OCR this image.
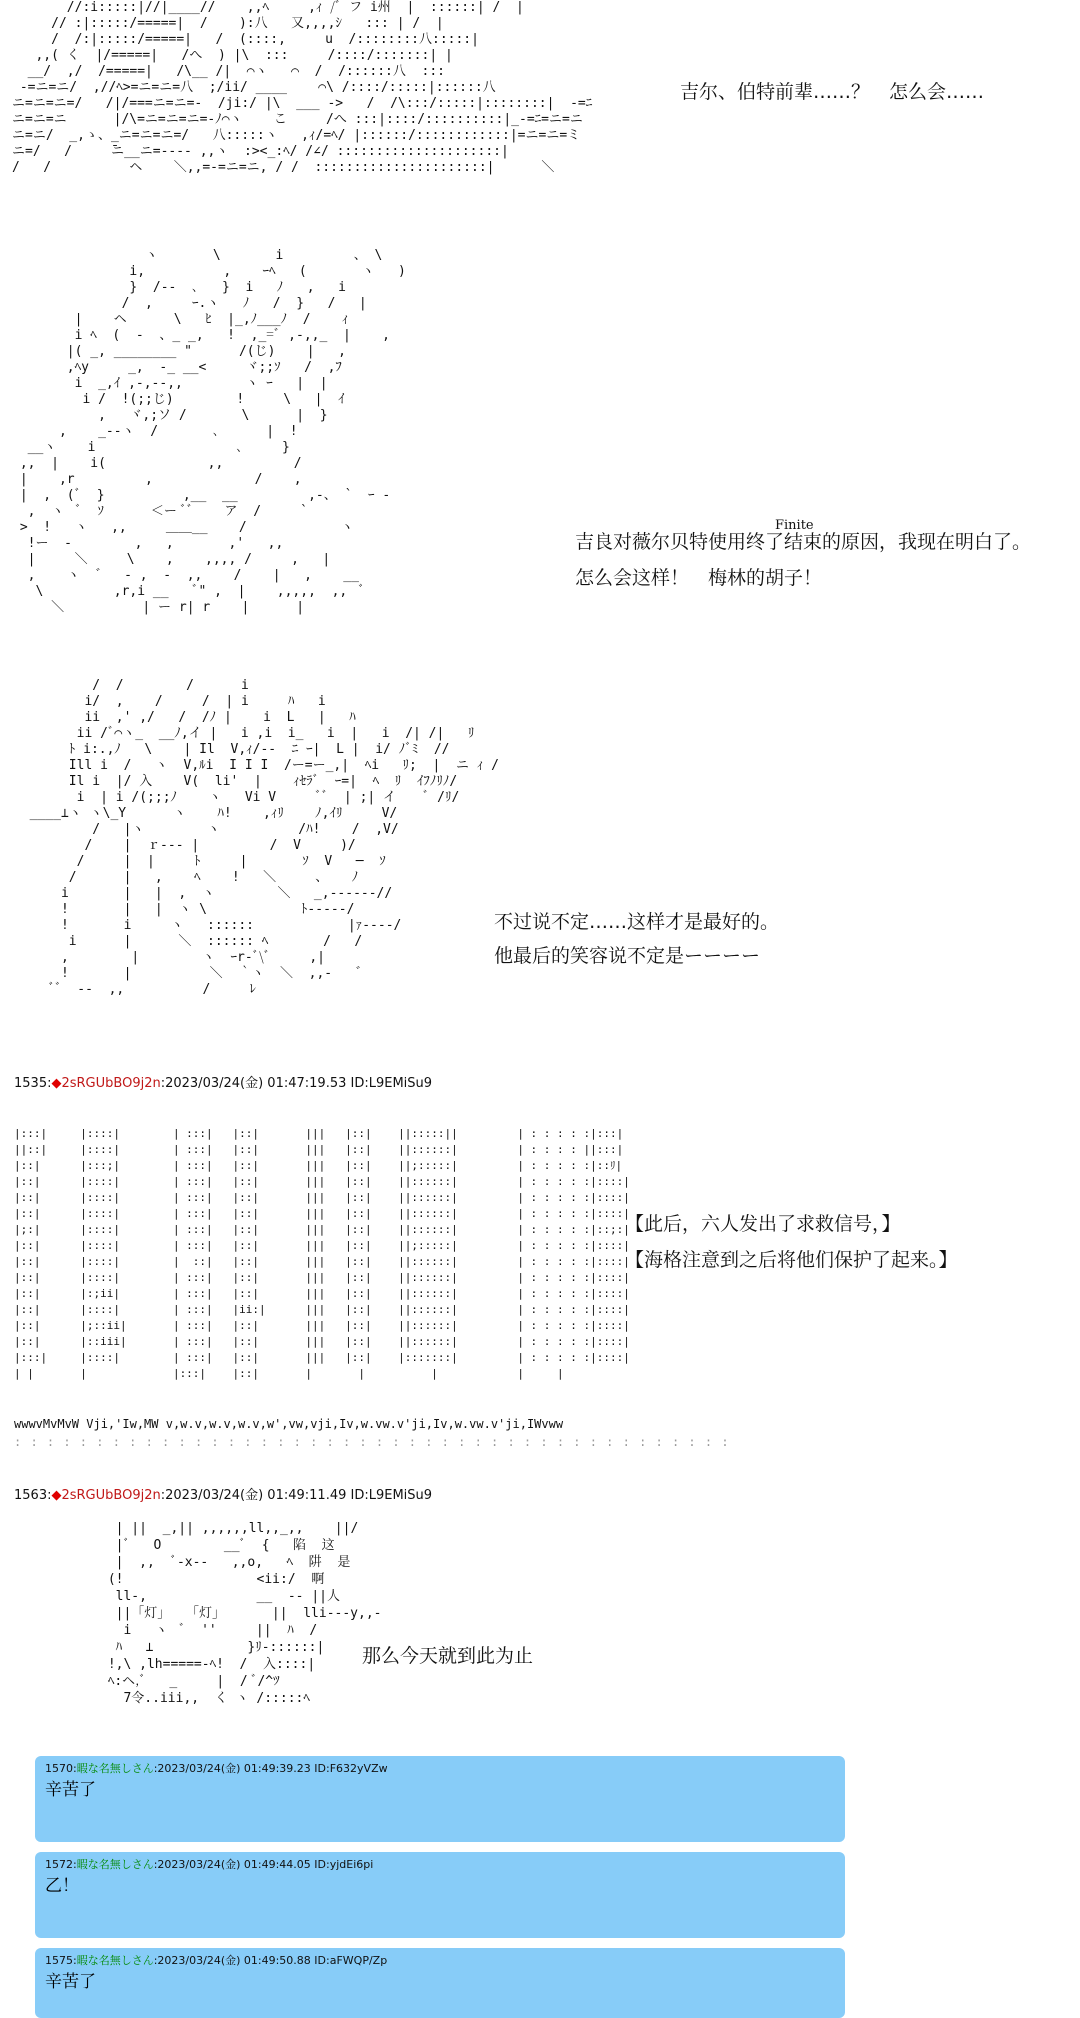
//:i:::::|//|____//    ,,ﾍ     ,ｨ /ﾞ フ i州  |  ::::::| /  |
// :|:::::/=====|  /    ):八   又,,,,ｼ   ::: | /  |
/  /:|:::::/=====|   /  (::::,     u  /::::::::八:::::|
,,( く  |/=====|   /へ  ) |\  :::     /::::/:::::::| |
__/  ,/  /=====|   /\__ /|  ⌒ヽ   ⌒  /  /::::::八  :::
-=ニ=ニ/  ,//ﾍ>=ニ=ニ=八  ;/ii/ ____    ⌒\ /::::/:::::|::::::八
ニ=ニ=ニ=/   /|/===ニ=ニ=-  /ji:/ |\  ___ ->   /  /\:::/:::::|::::::::|  -=ﾆ
ニ=ニ=ニ      |/\=ニ=ニ=ニ=-ﾉ⌒ヽ    こ     /へ :::|::::/::::::::::|_-=ﾆ=ニ=ニ
ニ=ニ/  _,ゝ、_ニ=ニ=ニ=/   八:::::ヽ   ,ｨ/=ﾍ/ |::::::/::::::::::::|=ニ=ニ=ミ
ニ=/   /     ̄ニ__ニ=---- ,,ヽ  :><_:ﾍ/ /∠/ :::::::::::::::::::::|
/   /          ヘ    ＼,,=-=ニ=ニ, / /  ::::::::::::::::::::::|      ＼
吉尔、伯特前辈……？　怎么会……
ヽ       \       i         、 \
i,          ,    ｰﾍ   (       ヽ   )
}  /--  ､   }  i   ﾉ   ,   i
/  ,     ｰ.ヽ   ﾉ   /  }   /   |
|    ヘ      \   ﾋ  |_,ﾉ___ﾉ  /    ｨ
i ﾍ  (  -  、_ _,   !  ,_=ﾞ ,-,,_  |    ,
|( _, ________ "      /(じ)    |   ,
,ﾍy     _,  ‐_ __<     ヾ;;ｿ   /  ,ﾌ
i  _,ｲ ,-,--,,        ヽ ｰ   |  |
i /  !(;;じ)        !     \   |  ｲ
,   ヾ,;ソ /       \      |  }
,    _--ヽ  /       ､      |  !
__ヽ    i                  ､     }
,,  |    i(             ,,         /
|    ,r         ,             /    ,
|  ,  (ﾞ  }          ,__  __         ,-、 `  ｰ -
,  ヽ  ﾞ  ｿ      ＜ー ﾞﾞ    ア  /     `
>  !   ヽ   ,,     ＿＿__    /            ヽ
!ー  -        ,   ,       ,'   ,,
|     ＼     \    ,    ,,,, /     ,   |
,    ヽ  ゛  - ,  -  ,,    /    |   ,    __
\         ,r,i __   ﾞ" ,  |    ,,,,,  ,,  ﾞ
＼          | ー r| r    |      |
Finite
吉良对薇尔贝特使用终了结束的原因，我现在明白了。
怎么会这样！　梅林的胡子！
/  /        /      i
i/  ,    /     /  | i     ﾊ   i
ii  ,' ,/   /  /ﾉ |    i  L   |   ﾊ
ii /ﾞ⌒ヽ_  __ﾉ,イ |   i ,i  i_   i  |   i  /| /|   ﾘ
ﾄ i:.,ﾉ   \    | Il  V,ｨ/--  ﾆ ｰ|  L |  i/ ﾉﾞﾐ  //
Ill i  /   ヽ  V,ﾙi  I I I  /ー=ー_,|  ﾍi   ﾘ;  |  ニ ｨ /
Il i  |/ 入    V(  li'  |    ｨｾﾗﾞ  ｰ=|  ﾍ  ﾘ  ｲﾌﾉﾘﾉ/
i  | i /(;;;ﾉ    ヽ   Vi V     ﾞﾞ  | ;| イ    ﾞ /ﾘ/
____⊥ヽ ヽ\_Y      ヽ    ﾊ!    ,ｨﾘ    ﾉ,ｲﾘ     V/
/   |ヽ        ヽ          /ﾊ!    /  ,V/
/    |  ｒ--- |         /  V     )/
/     |  |     ﾄ     |       ｿ  V   ─  ｿ
/      |   ,    ﾍ    !   ＼     、   ﾉ
i       |   |  ,  ヽ        ＼   _,-‐‐‐‐‐//
!       |   |  ヽ \            ﾄ‐‐‐‐‐/
!       i     ヽ   ::::::            |ｧ----/
i      |      ＼  :::::: ﾍ       /   /
,        |        ヽ  ｰr‐ﾞ\ﾞ     ,|
!       |          ＼  ｀ヽ  ＼  ,,-   ゛
ﾞﾞ  --  ,,          /     ﾚ
不过说不定……这样才是最好的。
他最后的笑容说不定是ーーーー
1535:◆2sRGUbBO9j2n:2023/03/24(金) 01:47:19.53 ID:L9EMiSu9
|:::|     |::::|        | :::|   |::|       |||   |::|    ||:::::||         | : : : : :|:::|
||::|     |::::|        | :::|   |::|       |||   |::|    ||::::::|         | : : : : ||:::|
|::|      |:::;|        | :::|   |::|       |||   |::|    ||;:::::|         | : : : : :|::ﾘ|
|::|      |::::|        | :::|   |::|       |||   |::|    ||::::::|         | : : : : :|::::|
|::|      |::::|        | :::|   |::|       |||   |::|    ||::::::|         | : : : : :|::::|
|::|      |::::|        | :::|   |::|       |||   |::|    ||::::::|         | : : : : :|::::|
|;:|      |::::|        | :::|   |::|       |||   |::|    ||::::::|         | : : : : :|::;:|
|::|      |::::|        | :::|   |::|       |||   |::|    ||;:::::|         | : : : : :|::::|
|::|      |::::|        |  ::|   |::|       |||   |::|    ||::::::|         | : : : : :|::::|
|::|      |::::|        | :::|   |::|       |||   |::|    ||::::::|         | : : : : :|::::|
|::|      |:;ii|        | :::|   |::|       |||   |::|    ||::::::|         | : : : : :|::::|
|::|      |::::|        | :::|   |ii:|      |||   |::|    ||::::::|         | : : : : :|::::|
|::|      |;::ii|       | :::|   |::|       |||   |::|    ||::::::|         | : : : : :|::::|
|::|      |::iii|       | :::|   |::|       |||   |::|    ||::::::|         | : : : : :|::::|
|:::|     |::::|        | :::|   |::|       |||   |::|    |:::::::|         | : : : : :|::::|
| |       |             |:::|    |::|       |       |          |            |     |
wwwvMvMvW Vji,'Iw,MW v,w.v,w.v,w.v,w',vw,vji,Iv,w.vw.v'ji,Iv,w.vw.v'ji,IWvww
: : : : : : : : : : : : : : : : : : : : : : : : : : : : : : : : : : : : : : : : : : : :
【此后，六人发出了求救信号，】
【海格注意到之后将他们保护了起来。】
1563:◆2sRGUbBO9j2n:2023/03/24(金) 01:49:11.49 ID:L9EMiSu9
| ||  _,|| ,,,,,,ll,,_,,    ||/
|ﾞ   O        __ﾞ  {   陷  这
|  ,,  ﾞ-x-‐   ,,o,   ﾍ  阱  是
(!                 <ii:/  啊
ll-,              __  -- ||人
||「灯」  「灯」      ||  lli---y,,-
i   ヽ  ﾞ  ''     ||  ﾊ  /
ﾊ   ⊥            }ﾘ-::::::|
!,\ ,lh=====-ﾍ!  /  入::::|
ﾍ:ヘ,ﾞ   _     |  / ﾞ/^ﾂ
7令..iii,,  く ヽ /:::::ﾍ
那么今天就到此为止
1570:暇な名無しさん:2023/03/24(金) 01:49:39.23 ID:F632yVZw
辛苦了
1572:暇な名無しさん:2023/03/24(金) 01:49:44.05 ID:yjdEi6pi
乙！
1575:暇な名無しさん:2023/03/24(金) 01:49:50.88 ID:aFWQP/Zp
辛苦了
